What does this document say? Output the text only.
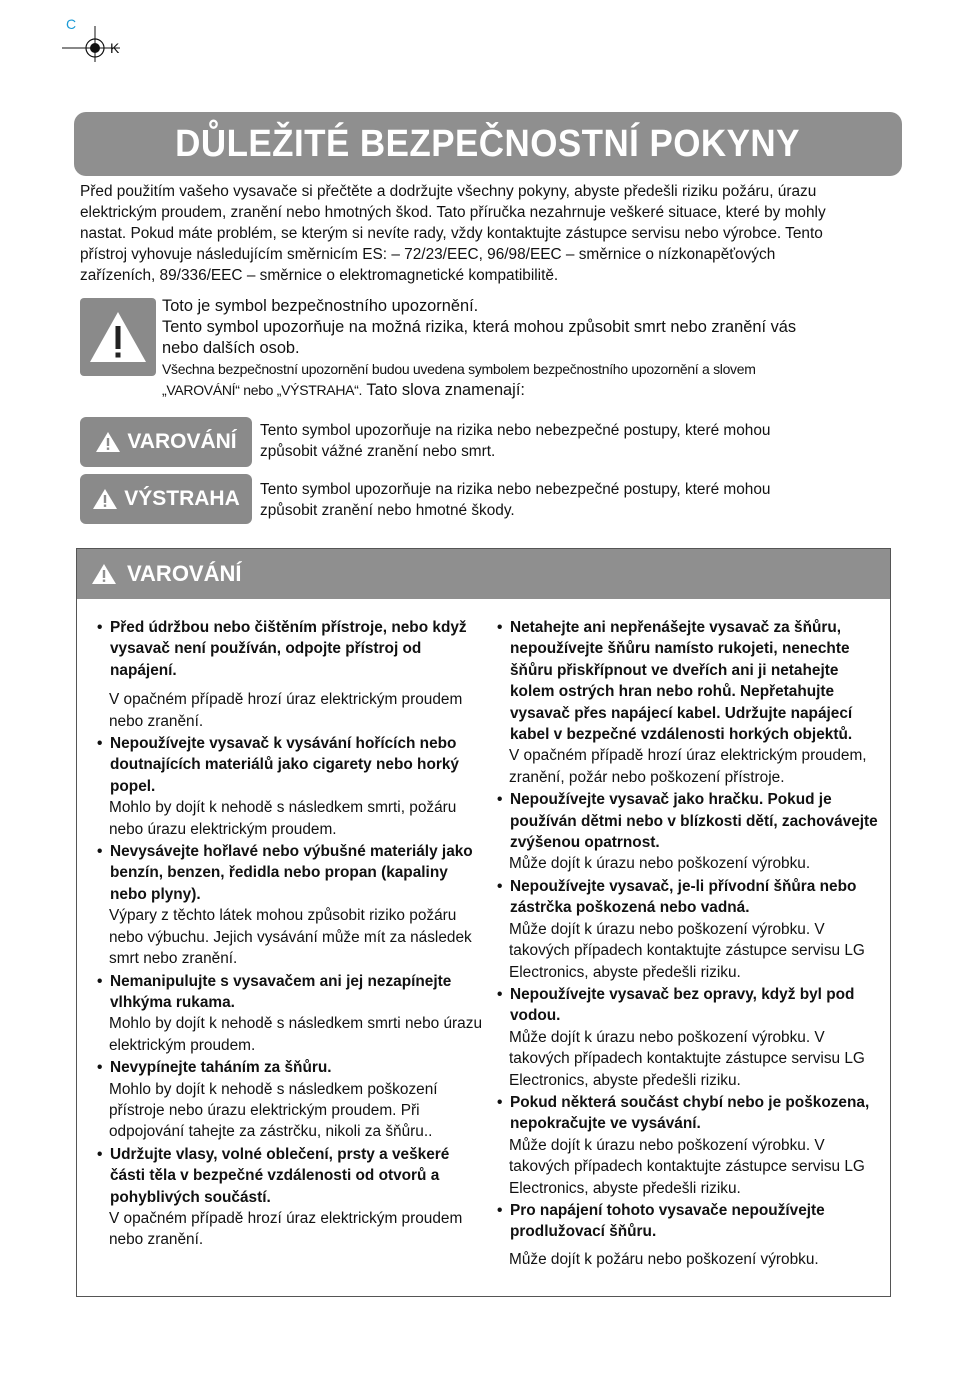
C
K
DŮLEŽITÉ BEZPEČNOSTNÍ POKYNY
Před použitím vašeho vysavače si přečtěte a dodržujte všechny pokyny, abyste předešli riziku požáru, úrazu
elektrickým proudem, zranění nebo hmotných škod. Tato příručka nezahrnuje veškeré situace, které by mohly
nastat. Pokud máte problém, se kterým si nevíte rady, vždy kontaktujte zástupce servisu nebo výrobce. Tento
přístroj vyhovuje následujícím směrnicím ES: – 72/23/EEC, 96/98/EEC – směrnice o nízkonapěťových
zařízeních, 89/336/EEC – směrnice o elektromagnetické kompatibilitě.
Toto je symbol bezpečnostního upozornění.
Tento symbol upozorňuje na možná rizika, která mohou způsobit smrt nebo zranění vás
nebo dalších osob.
Všechna bezpečnostní upozornění budou uvedena symbolem bezpečnostního upozornění a slovem
„VAROVÁNÍ“ nebo „VÝSTRAHA“. Tato slova znamenají:
VAROVÁNÍ Tento symbol upozorňuje na rizika nebo nebezpečné postupy, které mohou
způsobit vážné zranění nebo smrt.
VÝSTRAHA Tento symbol upozorňuje na rizika nebo nebezpečné postupy, které mohou
způsobit zranění nebo hmotné škody.
VAROVÁNÍ
• Před údržbou nebo čištěním přístroje, nebo když vysavač není používán, odpojte přístroj od napájení.
V opačném případě hrozí úraz elektrickým proudem nebo zranění.
• Nepoužívejte vysavač k vysávání hořících nebo doutnajících materiálů jako cigarety nebo horký popel.
Mohlo by dojít k nehodě s následkem smrti, požáru nebo úrazu elektrickým proudem.
• Nevysávejte hořlavé nebo výbušné materiály jako benzín, benzen, ředidla nebo propan (kapaliny nebo plyny).
Výpary z těchto látek mohou způsobit riziko požáru nebo výbuchu. Jejich vysávání může mít za následek smrt nebo zranění.
• Nemanipulujte s vysavačem ani jej nezapínejte vlhkýma rukama.
Mohlo by dojít k nehodě s následkem smrti nebo úrazu elektrickým proudem.
• Nevypínejte taháním za šňůru.
Mohlo by dojít k nehodě s následkem poškození přístroje nebo úrazu elektrickým proudem. Při odpojování tahejte za zástrčku, nikoli za šňůru..
• Udržujte vlasy, volné oblečení, prsty a veškeré části těla v bezpečné vzdálenosti od otvorů a pohyblivých součástí.
V opačném případě hrozí úraz elektrickým proudem nebo zranění.
• Netahejte ani nepřenášejte vysavač za šňůru, nepoužívejte šňůru namísto rukojeti, nenechte šňůru přiskřípnout ve dveřích ani ji netahejte kolem ostrých hran nebo rohů. Nepřetahujte vysavač přes napájecí kabel. Udržujte napájecí kabel v bezpečné vzdálenosti horkých objektů.
V opačném případě hrozí úraz elektrickým proudem, zranění, požár nebo poškození přístroje.
• Nepoužívejte vysavač jako hračku. Pokud je používán dětmi nebo v blízkosti dětí, zachovávejte zvýšenou opatrnost.
Může dojít k úrazu nebo poškození výrobku.
• Nepoužívejte vysavač, je-li přívodní šňůra nebo zástrčka poškozená nebo vadná.
Může dojít k úrazu nebo poškození výrobku. V takových případech kontaktujte zástupce servisu LG Electronics, abyste předešli riziku.
• Nepoužívejte vysavač bez opravy, když byl pod vodou.
Může dojít k úrazu nebo poškození výrobku. V takových případech kontaktujte zástupce servisu LG Electronics, abyste předešli riziku.
• Pokud některá součást chybí nebo je poškozena, nepokračujte ve vysávání.
Může dojít k úrazu nebo poškození výrobku. V takových případech kontaktujte zástupce servisu LG Electronics, abyste předešli riziku.
• Pro napájení tohoto vysavače nepoužívejte prodlužovací šňůru.
Může dojít k požáru nebo poškození výrobku.
